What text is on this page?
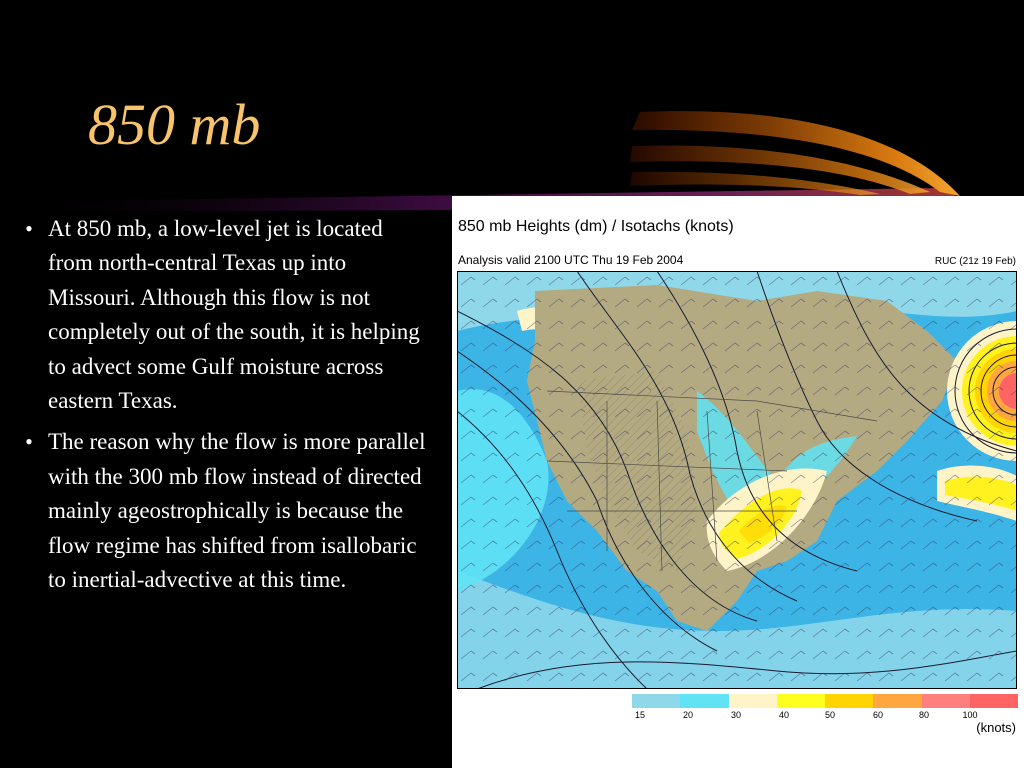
850 mb
• At 850 mb, a low-level jet is located from north-central Texas up into Missouri. Although this flow is not completely out of the south, it is helping to advect some Gulf moisture across eastern Texas.
• The reason why the flow is more parallel with the 300 mb flow instead of directed mainly ageostrophically is because the flow regime has shifted from isallobaric to inertial-advective at this time.
850 mb Heights (dm) / Isotachs (knots)
Analysis valid 2100 UTC Thu 19 Feb 2004	RUC (21z 19 Feb)
15	20	30	40	50	60	80	100
(knots)
